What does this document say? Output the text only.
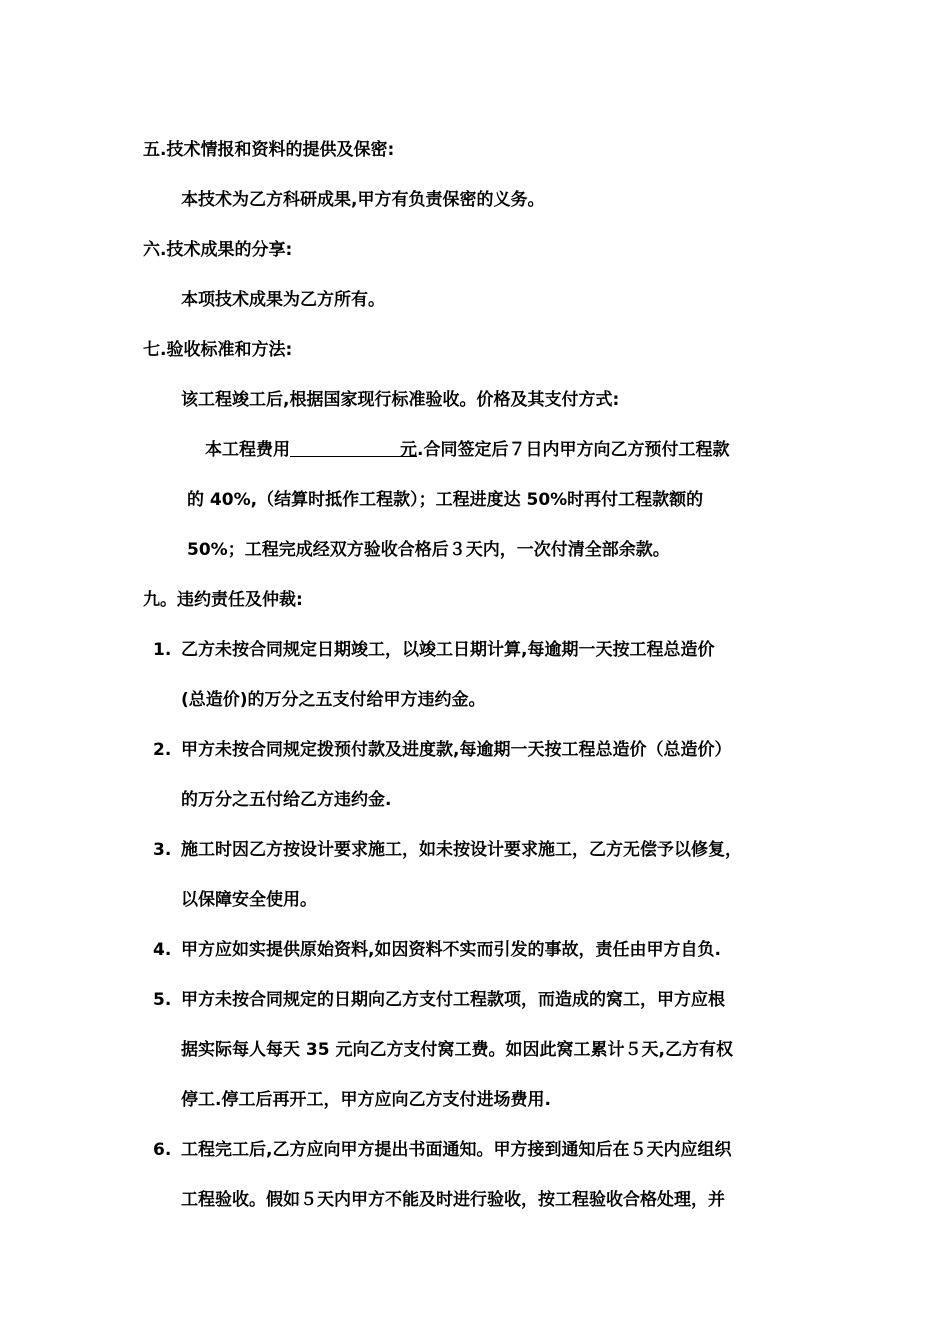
五.技术情报和资料的提供及保密:
本技术为乙方科研成果,甲方有负责保密的义务。
六.技术成果的分享:
本项技术成果为乙方所有。
七.验收标准和方法:
该工程竣工后,根据国家现行标准验收。价格及其支付方式:
本工程费用	元.合同签定后７日内甲方向乙方预付工程款
的 40%,（结算时抵作工程款）；工程进度达 50%时再付工程款额的
50%；工程完成经双方验收合格后３天内，一次付清全部余款。
九。违约责任及仲裁:
1. 乙方未按合同规定日期竣工，以竣工日期计算,每逾期一天按工程总造价
(总造价)的万分之五支付给甲方违约金。
2. 甲方未按合同规定拨预付款及进度款,每逾期一天按工程总造价（总造价）
的万分之五付给乙方违约金.
3. 施工时因乙方按设计要求施工，如未按设计要求施工，乙方无偿予以修复，
以保障安全使用。
4. 甲方应如实提供原始资料,如因资料不实而引发的事故，责任由甲方自负.
5. 甲方未按合同规定的日期向乙方支付工程款项，而造成的窝工，甲方应根
据实际每人每天 35 元向乙方支付窝工费。如因此窝工累计５天,乙方有权
停工.停工后再开工，甲方应向乙方支付进场费用.
6. 工程完工后,乙方应向甲方提出书面通知。甲方接到通知后在５天内应组织
工程验收。假如５天内甲方不能及时进行验收，按工程验收合格处理，并
